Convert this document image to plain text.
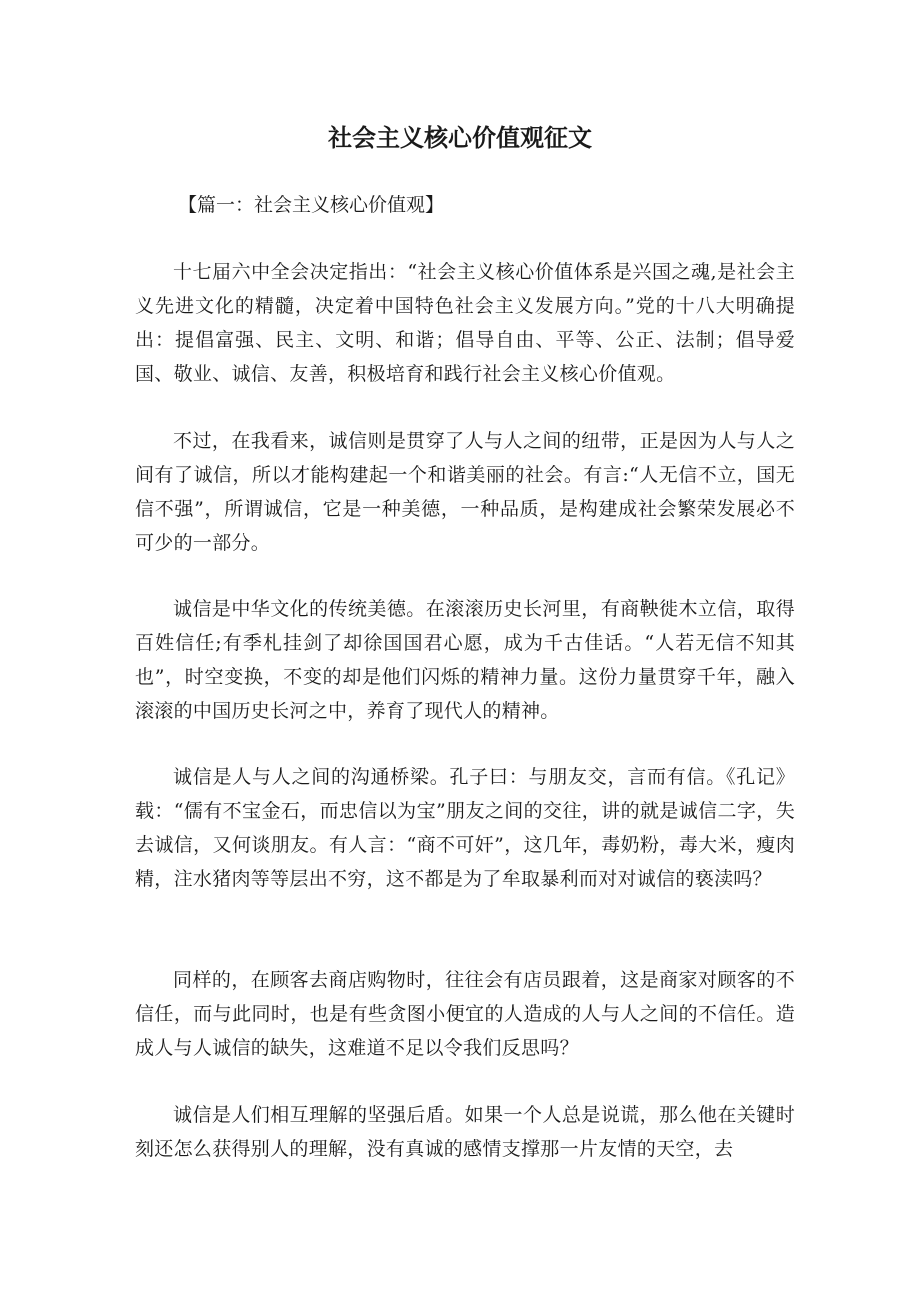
社会主义核心价值观征文
【篇一：社会主义核心价值观】

十七届六中全会决定指出：“社会主义核心价值体系是兴国之魂,是社会主义先进文化的精髓，决定着中国特色社会主义发展方向。”党的十八大明确提出：提倡富强、民主、文明、和谐；倡导自由、平等、公正、法制；倡导爱国、敬业、诚信、友善，积极培育和践行社会主义核心价值观。

不过，在我看来，诚信则是贯穿了人与人之间的纽带，正是因为人与人之间有了诚信，所以才能构建起一个和谐美丽的社会。有言:“人无信不立，国无信不强”，所谓诚信，它是一种美德，一种品质，是构建成社会繁荣发展必不可少的一部分。

诚信是中华文化的传统美德。在滚滚历史长河里，有商鞅徙木立信，取得百姓信任;有季札挂剑了却徐国国君心愿，成为千古佳话。“人若无信不知其也”，时空变换，不变的却是他们闪烁的精神力量。这份力量贯穿千年，融入滚滚的中国历史长河之中，养育了现代人的精神。

诚信是人与人之间的沟通桥梁。孔子曰：与朋友交，言而有信。《孔记》载：“儒有不宝金石，而忠信以为宝”朋友之间的交往，讲的就是诚信二字，失去诚信，又何谈朋友。有人言：“商不可奸”，这几年，毒奶粉，毒大米，瘦肉精，注水猪肉等等层出不穷，这不都是为了牟取暴利而对对诚信的亵渎吗？

同样的，在顾客去商店购物时，往往会有店员跟着，这是商家对顾客的不信任，而与此同时，也是有些贪图小便宜的人造成的人与人之间的不信任。造成人与人诚信的缺失，这难道不足以令我们反思吗？

诚信是人们相互理解的坚强后盾。如果一个人总是说谎，那么他在关键时刻还怎么获得别人的理解，没有真诚的感情支撑那一片友情的天空，去
